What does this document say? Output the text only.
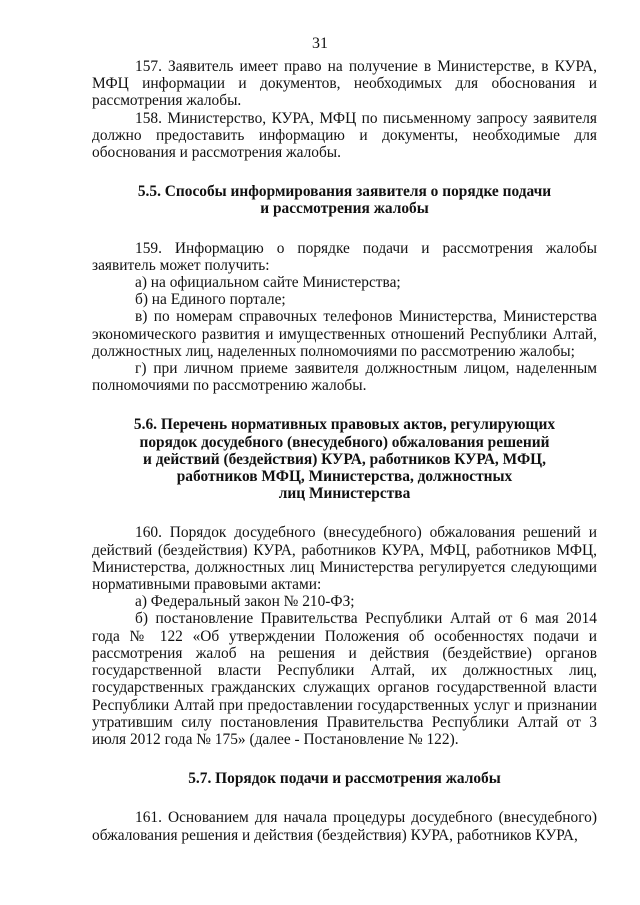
31

157. Заявитель имеет право на получение в Министерстве, в КУРА, МФЦ информации и документов, необходимых для обоснования и рассмотрения жалобы.

158. Министерство, КУРА, МФЦ по письменному запросу заявителя должно предоставить информацию и документы, необходимые для обоснования и рассмотрения жалобы.

5.5. Способы информирования заявителя о порядке подачи
и рассмотрения жалобы

159. Информацию о порядке подачи и рассмотрения жалобы заявитель может получить:

а) на официальном сайте Министерства;

б) на Единого портале;

в) по номерам справочных телефонов Министерства, Министерства экономического развития и имущественных отношений Республики Алтай, должностных лиц, наделенных полномочиями по рассмотрению жалобы;

г) при личном приеме заявителя должностным лицом, наделенным полномочиями по рассмотрению жалобы.

5.6. Перечень нормативных правовых актов, регулирующих
порядок досудебного (внесудебного) обжалования решений
и действий (бездействия) КУРА, работников КУРА, МФЦ,
работников МФЦ, Министерства, должностных
лиц Министерства

160. Порядок досудебного (внесудебного) обжалования решений и действий (бездействия) КУРА, работников КУРА, МФЦ, работников МФЦ, Министерства, должностных лиц Министерства регулируется следующими нормативными правовыми актами:

а) Федеральный закон № 210-ФЗ;

б) постановление Правительства Республики Алтай от 6 мая 2014 года № 122 «Об утверждении Положения об особенностях подачи и рассмотрения жалоб на решения и действия (бездействие) органов государственной власти Республики Алтай, их должностных лиц, государственных гражданских служащих органов государственной власти Республики Алтай при предоставлении государственных услуг и признании утратившим силу постановления Правительства Республики Алтай от 3 июля 2012 года № 175» (далее - Постановление № 122).

5.7. Порядок подачи и рассмотрения жалобы

161. Основанием для начала процедуры досудебного (внесудебного) обжалования решения и действия (бездействия) КУРА, работников КУРА,
